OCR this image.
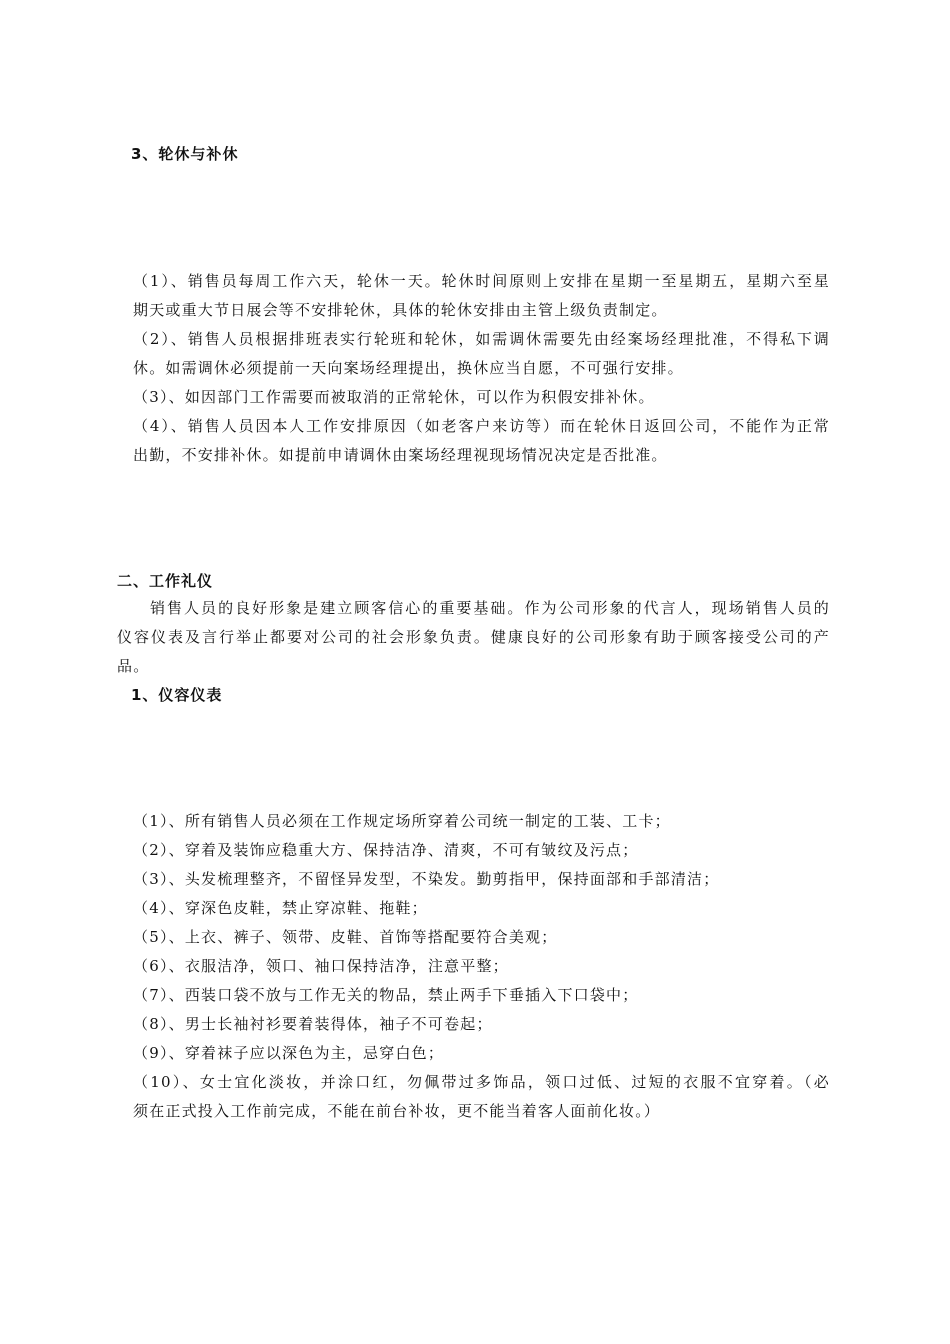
3、轮休与补休
（1）、销售员每周工作六天，轮休一天。轮休时间原则上安排在星期一至星期五，星期六至星
期天或重大节日展会等不安排轮休，具体的轮休安排由主管上级负责制定。
（2）、销售人员根据排班表实行轮班和轮休，如需调休需要先由经案场经理批准，不得私下调
休。如需调休必须提前一天向案场经理提出，换休应当自愿，不可强行安排。
（3）、如因部门工作需要而被取消的正常轮休，可以作为积假安排补休。
（4）、销售人员因本人工作安排原因（如老客户来访等）而在轮休日返回公司，不能作为正常
出勤，不安排补休。如提前申请调休由案场经理视现场情况决定是否批准。
二、工作礼仪
销售人员的良好形象是建立顾客信心的重要基础。作为公司形象的代言人，现场销售人员的
仪容仪表及言行举止都要对公司的社会形象负责。健康良好的公司形象有助于顾客接受公司的产
品。
1、仪容仪表
（1）、所有销售人员必须在工作规定场所穿着公司统一制定的工装、工卡；
（2）、穿着及装饰应稳重大方、保持洁净、清爽，不可有皱纹及污点；
（3）、头发梳理整齐，不留怪异发型，不染发。勤剪指甲，保持面部和手部清洁；
（4）、穿深色皮鞋，禁止穿凉鞋、拖鞋；
（5）、上衣、裤子、领带、皮鞋、首饰等搭配要符合美观；
（6）、衣服洁净，领口、袖口保持洁净，注意平整；
（7）、西装口袋不放与工作无关的物品，禁止两手下垂插入下口袋中；
（8）、男士长袖衬衫要着装得体，袖子不可卷起；
（9）、穿着袜子应以深色为主，忌穿白色；
（10）、女士宜化淡妆，并涂口红，勿佩带过多饰品，领口过低、过短的衣服不宜穿着。（必
须在正式投入工作前完成，不能在前台补妆，更不能当着客人面前化妆。）
